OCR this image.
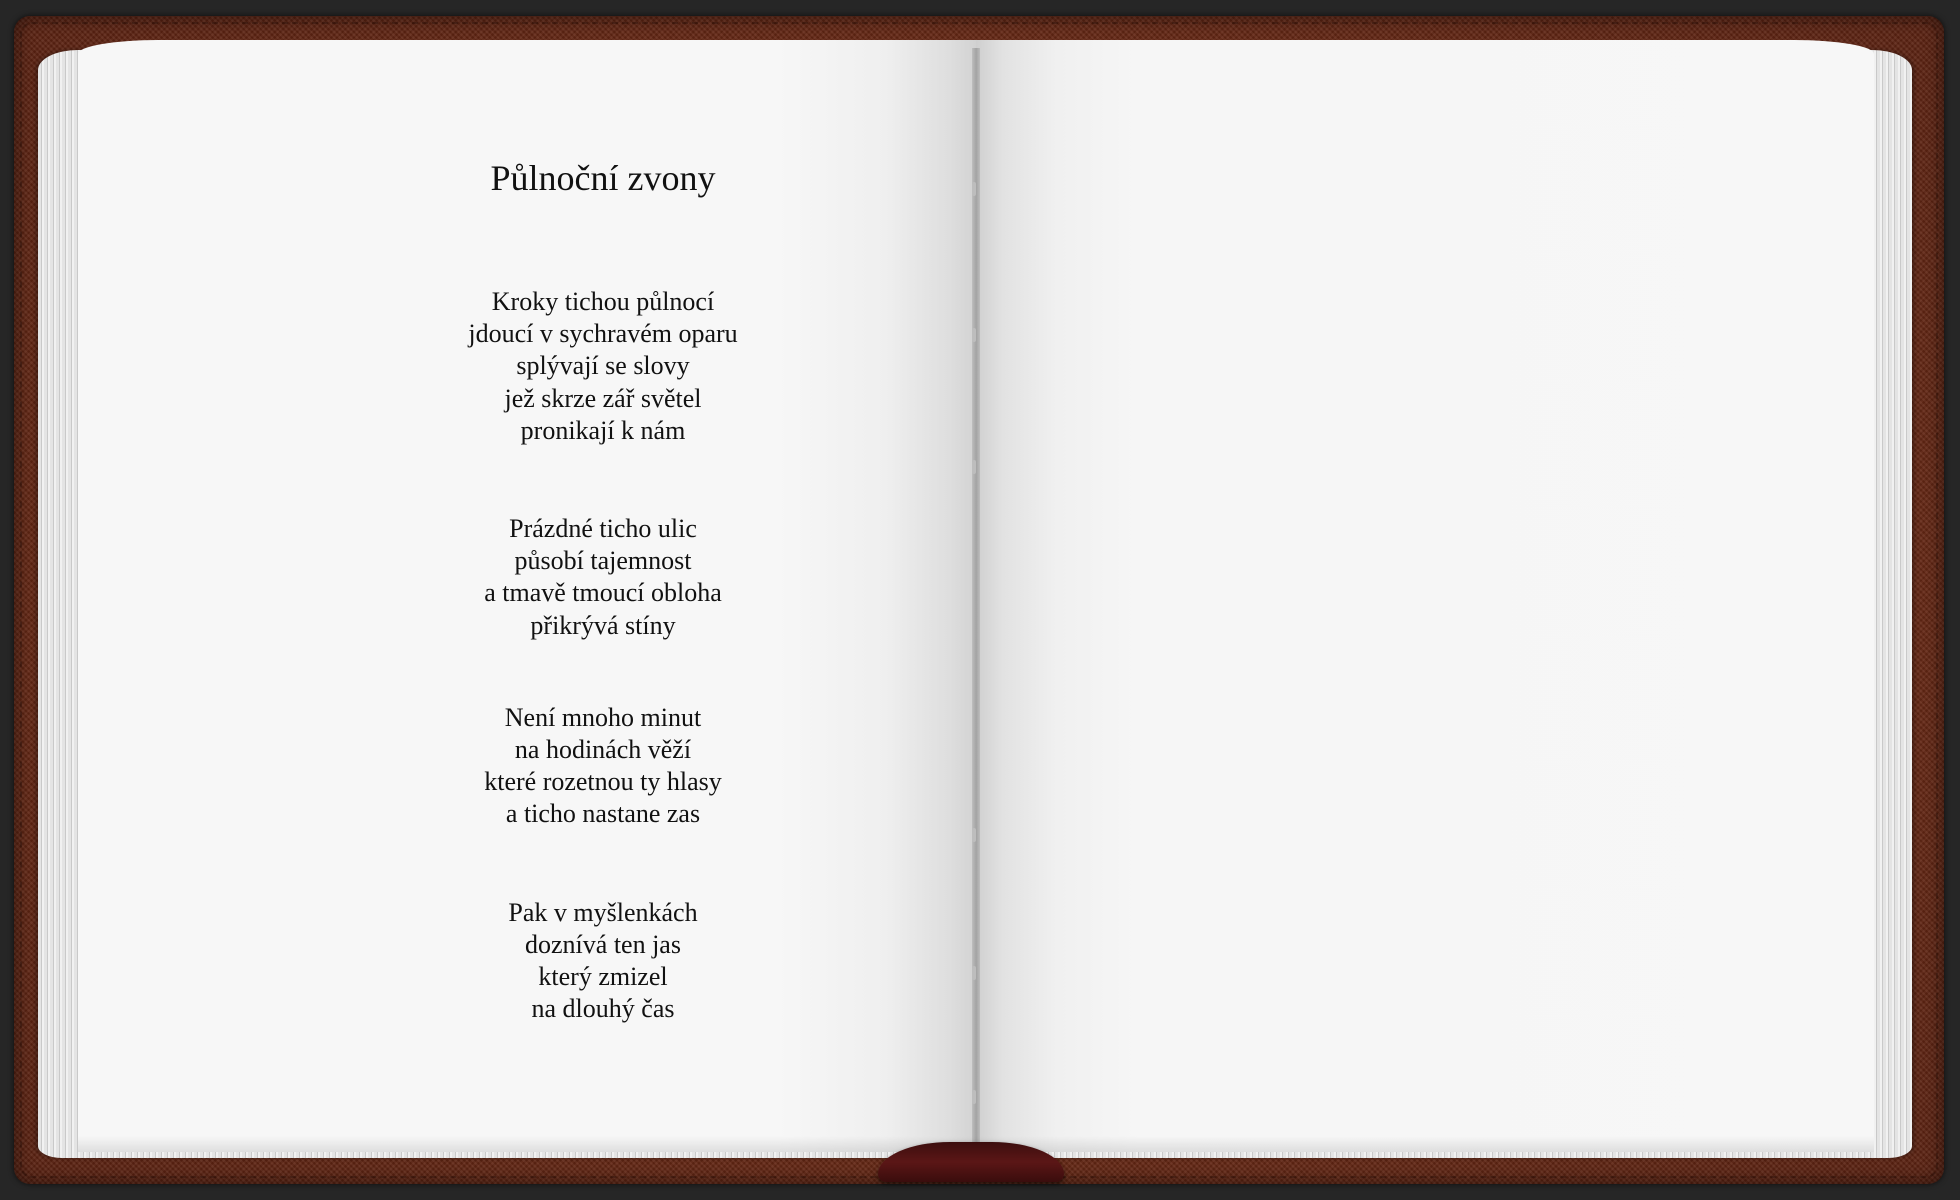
Půlnoční zvony
Kroky tichou půlnocí
jdoucí v sychravém oparu
splývají se slovy
jež skrze zář světel
pronikají k nám
Prázdné ticho ulic
působí tajemnost
a tmavě tmoucí obloha
přikrývá stíny
Není mnoho minut
na hodinách věží
které rozetnou ty hlasy
a ticho nastane zas
Pak v myšlenkách
doznívá ten jas
který zmizel
na dlouhý čas
